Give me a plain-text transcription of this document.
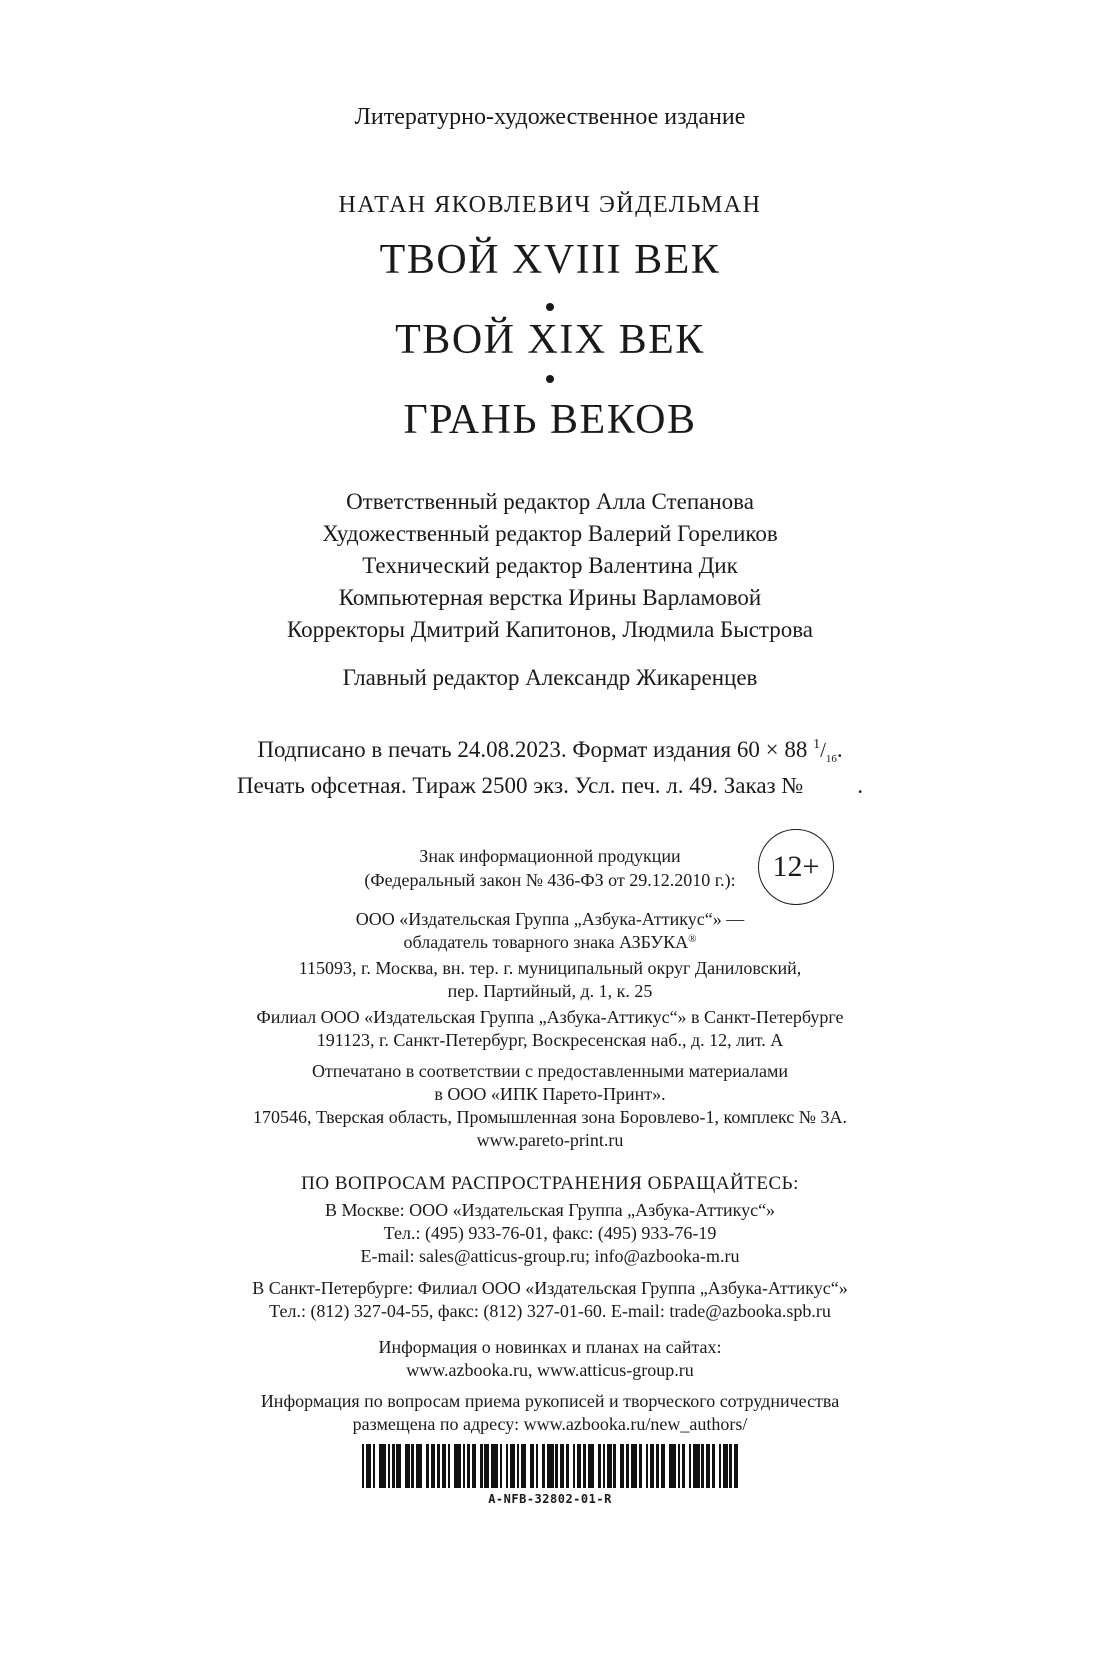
Литературно-художественное издание
НАТАН ЯКОВЛЕВИЧ ЭЙДЕЛЬМАН
ТВОЙ XVIII ВЕК
ТВОЙ XIX ВЕК
ГРАНЬ ВЕКОВ
Ответственный редактор Алла Степанова
Художественный редактор Валерий Гореликов
Технический редактор Валентина Дик
Компьютерная верстка Ирины Варламовой
Корректоры Дмитрий Капитонов, Людмила Быстрова
Главный редактор Александр Жикаренцев
Подписано в печать 24.08.2023. Формат издания 60 × 88 $^1/_{16}$.
Печать офсетная. Тираж 2500 экз. Усл. печ. л. 49. Заказ № .
Знак информационной продукции
(Федеральный закон № 436-ФЗ от 29.12.2010 г.):	12+
ООО «Издательская Группа „Азбука-Аттикус“» —
обладатель товарного знака АЗБУКА®
115093, г. Москва, вн. тер. г. муниципальный округ Даниловский,
пер. Партийный, д. 1, к. 25
Филиал ООО «Издательская Группа „Азбука-Аттикус“» в Санкт-Петербурге
191123, г. Санкт-Петербург, Воскресенская наб., д. 12, лит. А
Отпечатано в соответствии с предоставленными материалами
в ООО «ИПК Парето-Принт».
170546, Тверская область, Промышленная зона Боровлево-1, комплекс № 3А.
www.pareto-print.ru
ПО ВОПРОСАМ РАСПРОСТРАНЕНИЯ ОБРАЩАЙТЕСЬ:
В Москве: ООО «Издательская Группа „Азбука-Аттикус“»
Тел.: (495) 933-76-01, факс: (495) 933-76-19
E-mail: sales@atticus-group.ru; info@azbooka-m.ru
В Санкт-Петербурге: Филиал ООО «Издательская Группа „Азбука-Аттикус“»
Тел.: (812) 327-04-55, факс: (812) 327-01-60. E-mail: trade@azbooka.spb.ru
Информация о новинках и планах на сайтах:
www.azbooka.ru, www.atticus-group.ru
Информация по вопросам приема рукописей и творческого сотрудничества
размещена по адресу: www.azbooka.ru/new_authors/
A-NFB-32802-01-R
